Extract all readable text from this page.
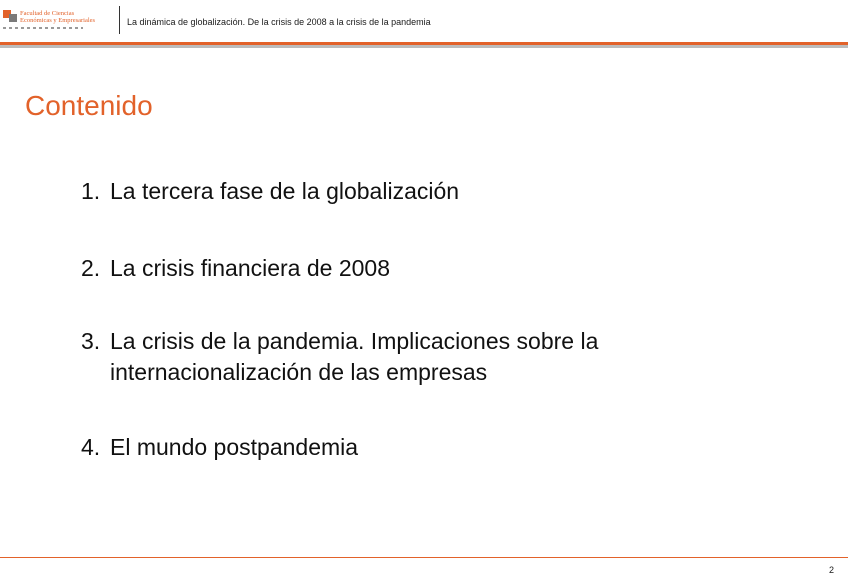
Facultad de Ciencias
Económicas y Empresariales	La dinámica de globalización. De la crisis de 2008 a la crisis de la pandemia
Contenido
1. La tercera fase de la globalización
2. La crisis financiera de 2008
3. La crisis de la pandemia. Implicaciones sobre la internacionalización de las empresas
4. El mundo postpandemia
2
